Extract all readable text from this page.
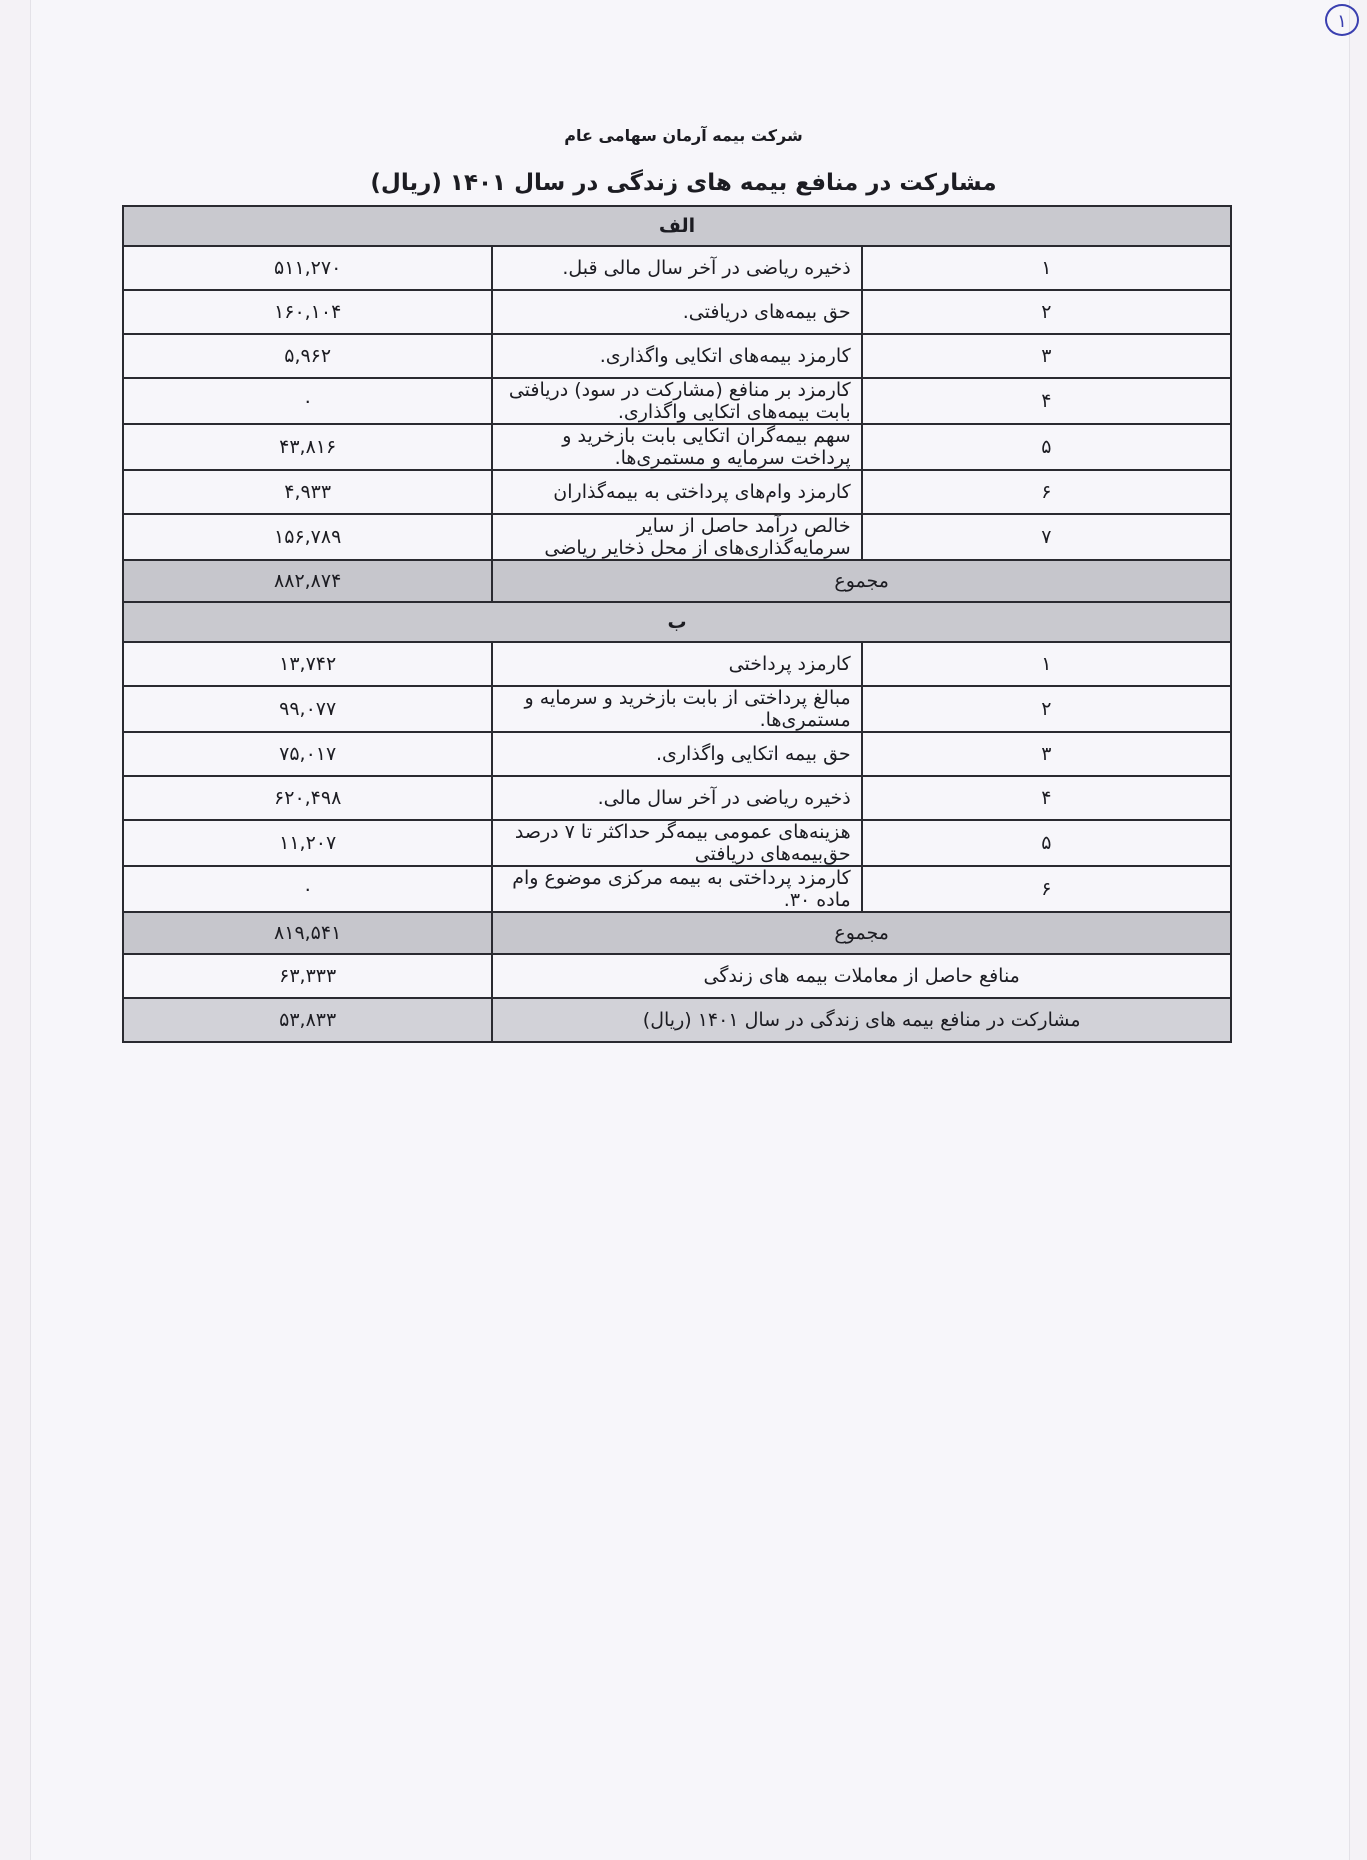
۱
شرکت بیمه آرمان سهامی عام
مشارکت در منافع بیمه های زندگی در سال ۱۴۰۱ (ریال)
الف		
۱	ذخیره ریاضی در آخر سال مالی قبل.	۵۱۱,۲۷۰
۲	حق بیمه‌های دریافتی.	۱۶۰,۱۰۴
۳	کارمزد بیمه‌های اتکایی واگذاری.	۵,۹۶۲
۴	کارمزد بر منافع (مشارکت در سود) دریافتی بابت بیمه‌های اتکایی واگذاری.	۰
۵	سهم بیمه‌گران اتکایی بابت بازخرید و پرداخت سرمایه و مستمری‌ها.	۴۳,۸۱۶
۶	کارمزد وام‌های پرداختی به بیمه‌گذاران	۴,۹۳۳
۷	خالص درآمد حاصل از سایر سرمایه‌گذاری‌های از محل ذخایر ریاضی	۱۵۶,۷۸۹
مجموع		۸۸۲,۸۷۴
ب		
۱	کارمزد پرداختی	۱۳,۷۴۲
۲	مبالغ پرداختی از بابت بازخرید و سرمایه و مستمری‌ها.	۹۹,۰۷۷
۳	حق بیمه اتکایی واگذاری.	۷۵,۰۱۷
۴	ذخیره ریاضی در آخر سال مالی.	۶۲۰,۴۹۸
۵	هزینه‌های عمومی بیمه‌گر حداکثر تا ۷ درصد حق‌بیمه‌های دریافتی	۱۱,۲۰۷
۶	کارمزد پرداختی به بیمه مرکزی موضوع وام ماده ۳۰.	۰
مجموع		۸۱۹,۵۴۱
منافع حاصل از معاملات بیمه های زندگی		۶۳,۳۳۳
مشارکت در منافع بیمه های زندگی در سال ۱۴۰۱ (ریال)		۵۳,۸۳۳
